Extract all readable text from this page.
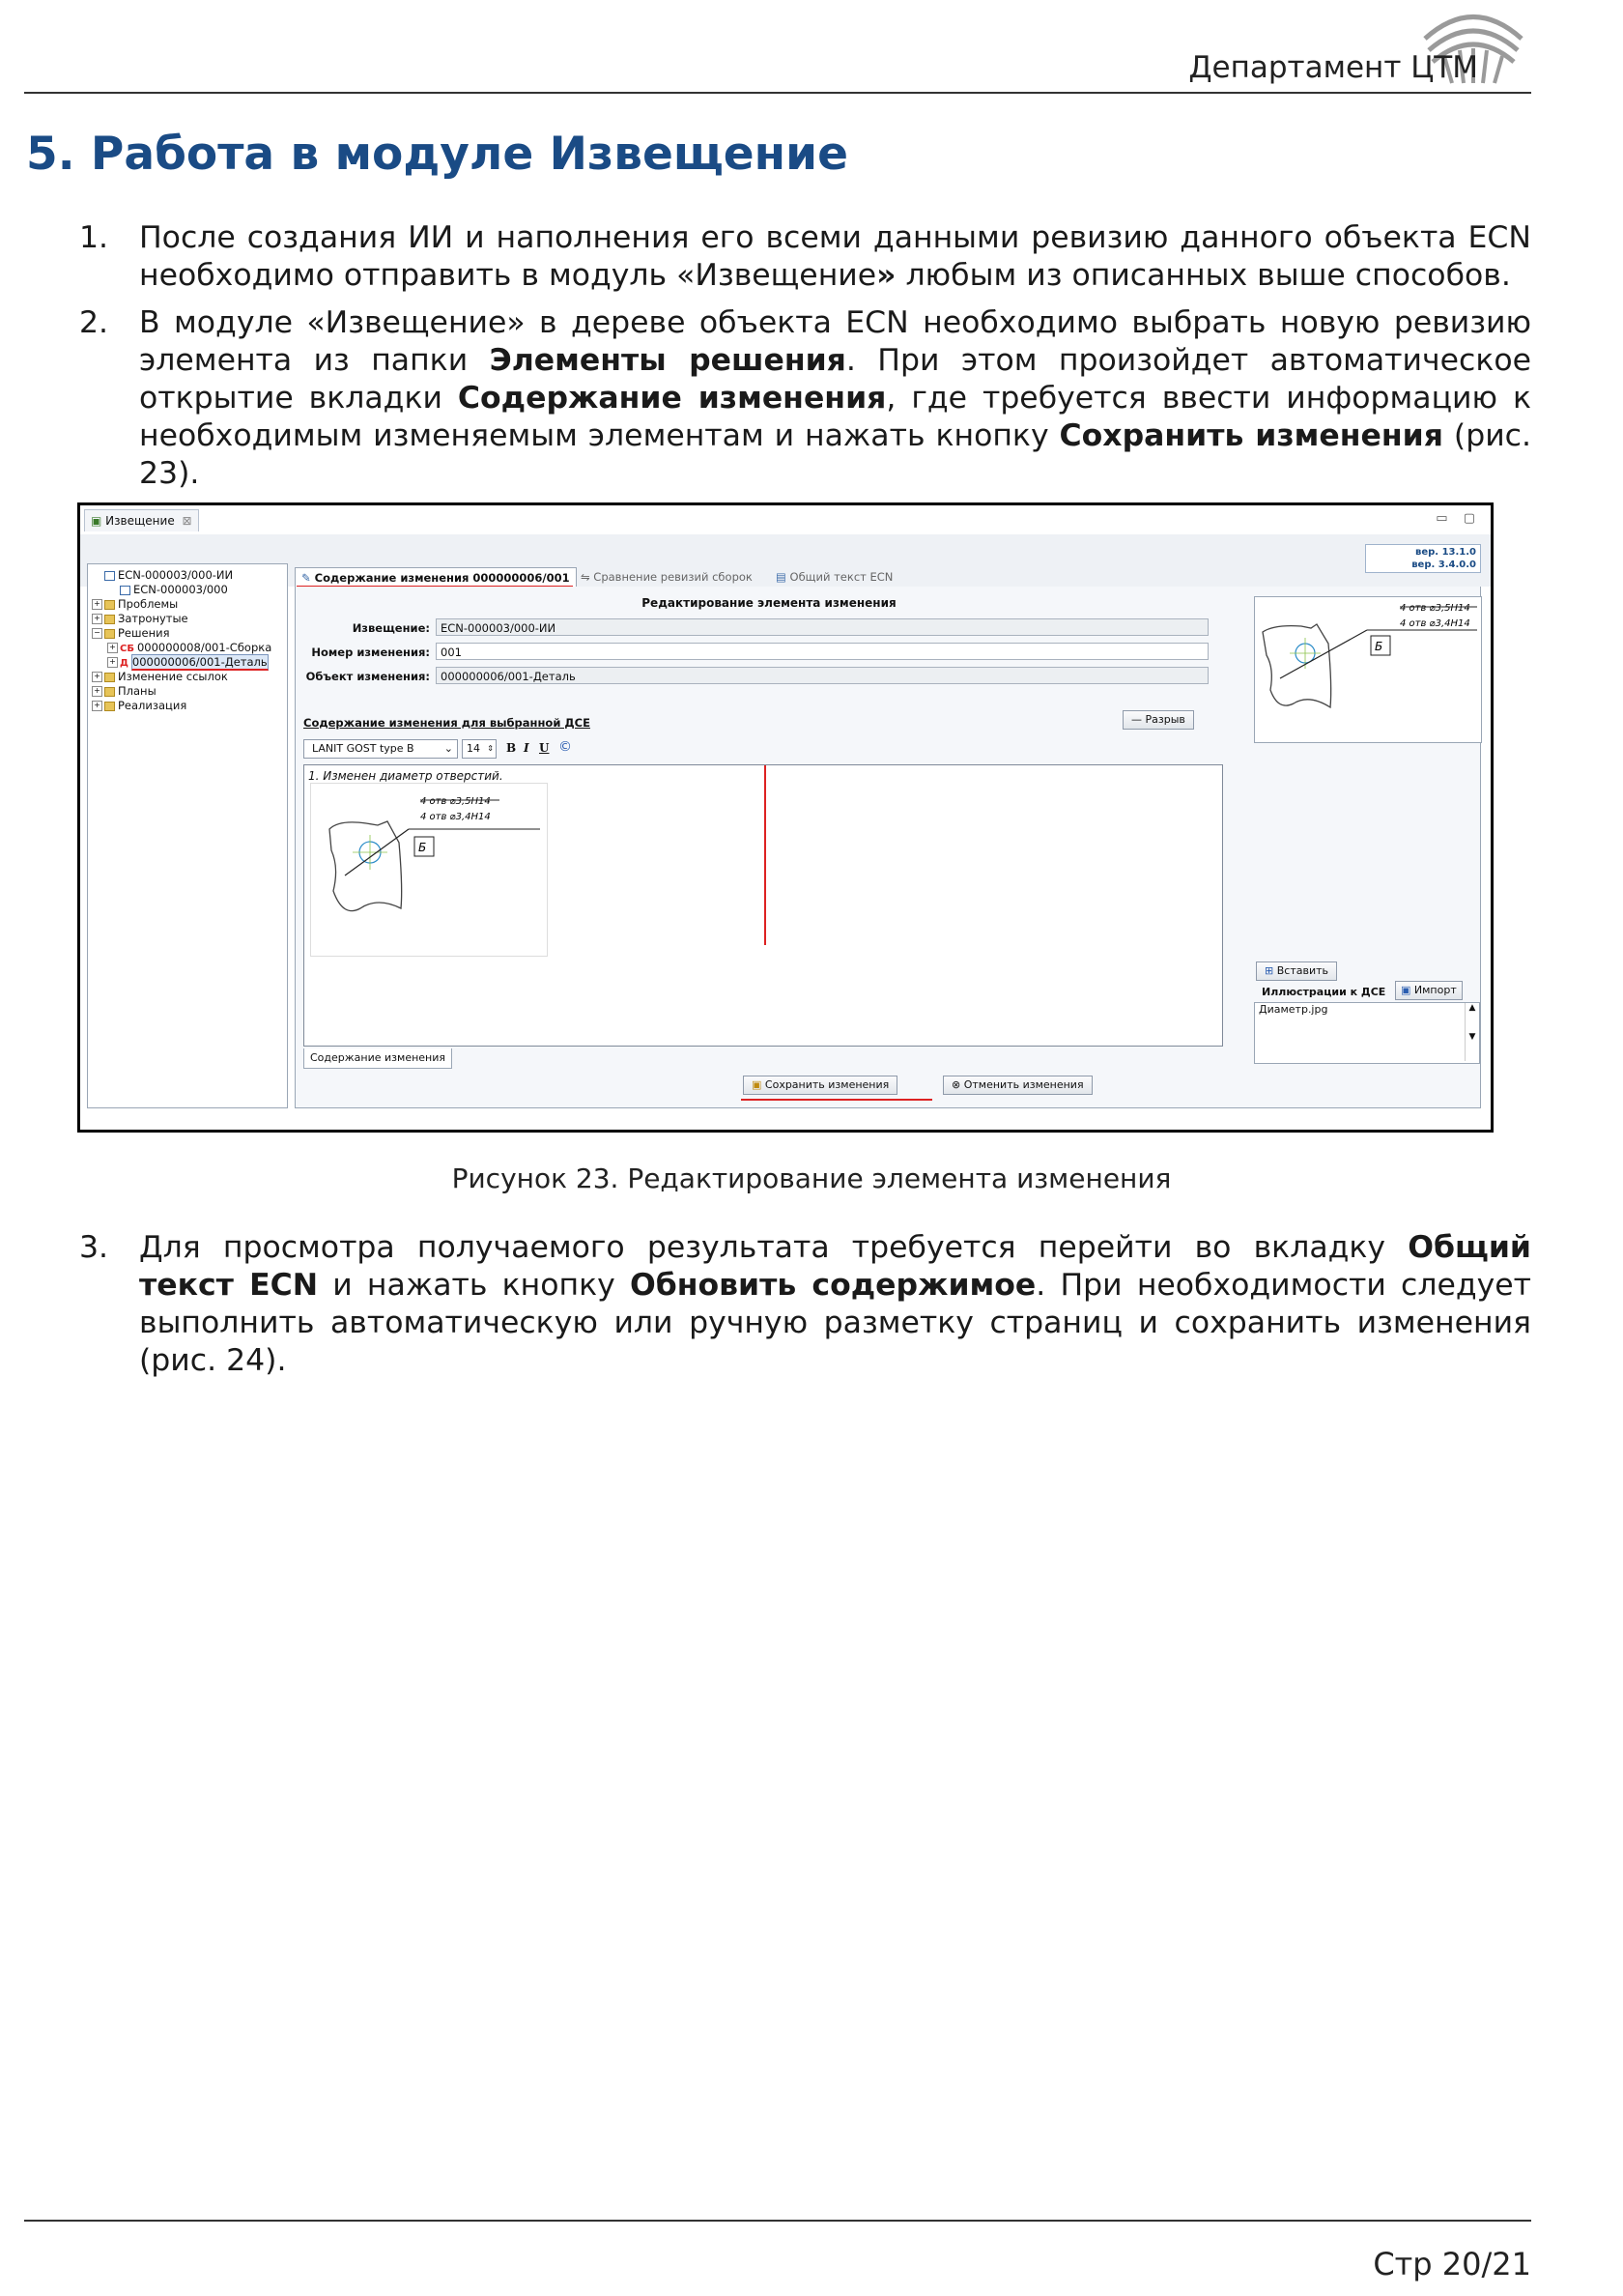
Департамент ЦТМ
5. Работа в модуле Извещение
1.	После создания ИИ и наполнения его всеми данными ревизию данного объекта ECN необходимо отправить в модуль «Извещение» любым из описанных выше способов.
2.	В модуле «Извещение» в дереве объекта ECN необходимо выбрать новую ревизию элемента из папки Элементы решения. При этом произойдет автоматическое открытие вкладки Содержание изменения, где требуется ввести информацию к необходимым изменяемым элементам и нажать кнопку Сохранить изменения (рис. 23).
▣ Извещение ⊠	▭ ▢
вер. 13.1.0
вер. 3.4.0.0
ECN-000003/000-ИИ
ECN-000003/000
+ Проблемы
+ Затронутые
− Решения
+ СБ 000000008/001-Сборка
+ Д 000000006/001-Деталь
+ Изменение ссылок
+ Планы
+ Реализация
✎ Содержание изменения 000000006/001 ⇋ Сравнение ревизий сборок	▤ Общий текст ECN
Редактирование элемента изменения
Извещение: ECN-000003/000-ИИ
Номер изменения: 001
Объект изменения: 000000006/001-Деталь
Содержание изменения для выбранной ДСЕ	— Разрыв
LANIT GOST type B	⌄	14 ⇕ B I U ©
1. Изменен диаметр отверстий.
Б
4 отв ⌀3,5H14
4 отв ⌀3,4H14
Содержание изменения
Б
4 отв ⌀3,5H14
4 отв ⌀3,4H14
⊞ Вставить
Иллюстрации к ДСЕ	▣ Импорт
Диаметр.jpg	▲

▼
▣ Сохранить изменения	⊗ Отменить изменения
Рисунок 23. Редактирование элемента изменения
3.	Для просмотра получаемого результата требуется перейти во вкладку Общий текст ECN и нажать кнопку Обновить содержимое. При необходимости следует выполнить автоматическую или ручную разметку страниц и сохранить изменения (рис. 24).
Стр 20/21
